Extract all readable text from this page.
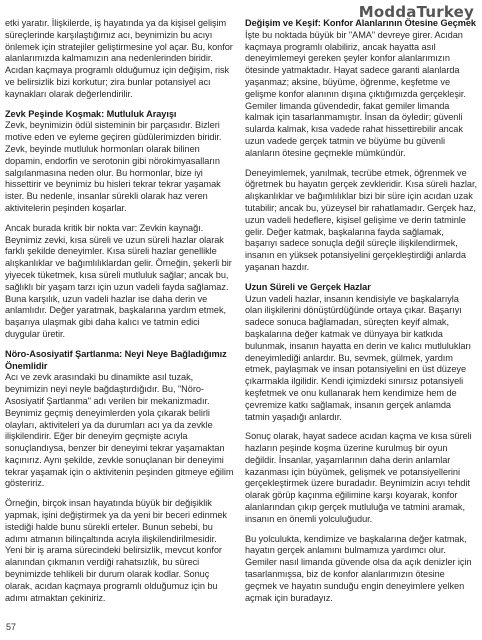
ModdaTurkey

etki yaratır. İlişkilerde, iş hayatında ya da kişisel gelişim süreçlerinde karşılaştığımız acı, beynimizin bu acıyı önlemek için stratejiler geliştirmesine yol açar. Bu, konfor alanlarımızda kalmamızın ana nedenlerinden biridir. Acıdan kaçmaya programlı olduğumuz için değişim, risk ve belirsizlik bizi korkutur; zira bunlar potansiyel acı kaynakları olarak değerlendirilir.

Zevk Peşinde Koşmak: Mutluluk Arayışı

Zevk, beynimizin ödül sisteminin bir parçasıdır. Bizleri motive eden ve eyleme geçiren güdülerimizden biridir. Zevk, beyinde mutluluk hormonları olarak bilinen dopamin, endorfin ve serotonin gibi nörokimyasalların salgılanmasına neden olur. Bu hormonlar, bize iyi hissettirir ve beynimiz bu hisleri tekrar tekrar yaşamak ister. Bu nedenle, insanlar sürekli olarak haz veren aktivitelerin peşinden koşarlar.

Ancak burada kritik bir nokta var: Zevkin kaynağı. Beynimiz zevki, kısa süreli ve uzun süreli hazlar olarak farklı şekilde deneyimler. Kısa süreli hazlar genellikle alışkanlıklar ve bağımlılıklardan gelir. Örneğin, şekerli bir yiyecek tüketmek, kısa süreli mutluluk sağlar; ancak bu, sağlıklı bir yaşam tarzı için uzun vadeli fayda sağlamaz. Buna karşılık, uzun vadeli hazlar ise daha derin ve anlamlıdır. Değer yaratmak, başkalarına yardım etmek, başarıya ulaşmak gibi daha kalıcı ve tatmin edici duygular üretir.

Nöro-Asosiyatif Şartlanma: Neyi Neye Bağladığımız Önemlidir

Acı ve zevk arasındaki bu dinamikte asıl tuzak, beynimizin neyi neyle bağdaştırdığıdır. Bu, "Nöro-Asosiyatif Şartlanma" adı verilen bir mekanizmadır. Beynimiz geçmiş deneyimlerden yola çıkarak belirli olayları, aktiviteleri ya da durumları acı ya da zevkle ilişkilendirir. Eğer bir deneyim geçmişte acıyla sonuçlandıysa, benzer bir deneyimi tekrar yaşamaktan kaçınırız. Aynı şekilde, zevkle sonuçlanan bir deneyimi tekrar yaşamak için o aktivitenin peşinden gitmeye eğilim gösteririz.

Örneğin, birçok insan hayatında büyük bir değişiklik yapmak, işini değiştirmek ya da yeni bir beceri edinmek istediği halde bunu sürekli erteler. Bunun sebebi, bu adımı atmanın bilinçaltında acıyla ilişkilendirilmesidir. Yeni bir iş arama sürecindeki belirsizlik, mevcut konfor alanından çıkmanın verdiği rahatsızlık, bu süreci beynimizde tehlikeli bir durum olarak kodlar. Sonuç olarak, acıdan kaçmaya programlı olduğumuz için bu adımı atmaktan çekiniriz.

Değişim ve Keşif: Konfor Alanlarının Ötesine Geçmek

İşte bu noktada büyük bir "AMA" devreye girer. Acıdan kaçmaya programlı olabiliriz, ancak hayatta asıl deneyimlemeyi gereken şeyler konfor alanlarımızın ötesinde yatmaktadır. Hayat sadece garanti alanlarda yaşanmaz; aksine, büyüme, öğrenme, keşfetme ve gelişme konfor alanının dışına çıktığımızda gerçekleşir. Gemiler limanda güvendedir, fakat gemiler limanda kalmak için tasarlanmamıştır. İnsan da öyledir; güvenli sularda kalmak, kısa vadede rahat hissettirebilir ancak uzun vadede gerçek tatmin ve büyüme bu güvenli alanların ötesine geçmekle mümkündür.

Deneyimlemek, yanılmak, tecrübe etmek, öğrenmek ve öğretmek bu hayatın gerçek zevkleridir. Kısa süreli hazlar, alışkanlıklar ve bağımlılıklar bizi bir süre için acıdan uzak tutabilir; ancak bu, yüzeysel bir rahatlamadır. Gerçek haz, uzun vadeli hedeflere, kişisel gelişime ve derin tatminle gelir. Değer katmak, başkalarına fayda sağlamak, başarıyı sadece sonuçla değil süreçle ilişkilendirmek, insanın en yüksek potansiyelini gerçekleştirdiği anlarda yaşanan hazdır.

Uzun Süreli ve Gerçek Hazlar

Uzun vadeli hazlar, insanın kendisiyle ve başkalarıyla olan ilişkilerini dönüştürdüğünde ortaya çıkar. Başarıyı sadece sonuca bağlamadan, süreçten keyif almak, başkalarına değer katmak ve dünyaya bir katkıda bulunmak, insanın hayatta en derin ve kalıcı mutlulukları deneyimlediği anlardır. Bu, sevmek, gülmek, yardım etmek, paylaşmak ve insan potansiyelini en üst düzeye çıkarmakla ilgilidir. Kendi içimizdeki sınırsız potansiyeli keşfetmek ve onu kullanarak hem kendimize hem de çevremize katkı sağlamak, insanın gerçek anlamda tatmin yaşadığı anlardır.

Sonuç olarak, hayat sadece acıdan kaçma ve kısa süreli hazların peşinde koşma üzerine kurulmuş bir oyun değildir. İnsanlar, yaşamlarının daha derin anlamlar kazanması için büyümek, gelişmek ve potansiyellerini gerçekleştirmek üzere buradadır. Beynimizin acıyı tehdit olarak görüp kaçınma eğilimine karşı koyarak, konfor alanlarından çıkıp gerçek mutluluğa ve tatmini aramak, insanın en önemli yolculuğudur.

Bu yolculukta, kendimize ve başkalarına değer katmak, hayatın gerçek anlamını bulmamıza yardımcı olur. Gemiler nasıl limanda güvende olsa da açık denizler için tasarlanmışsa, biz de konfor alanlarımızın ötesine geçmek ve hayatın sunduğu engin deneyimlere yelken açmak için buradayız.

57
